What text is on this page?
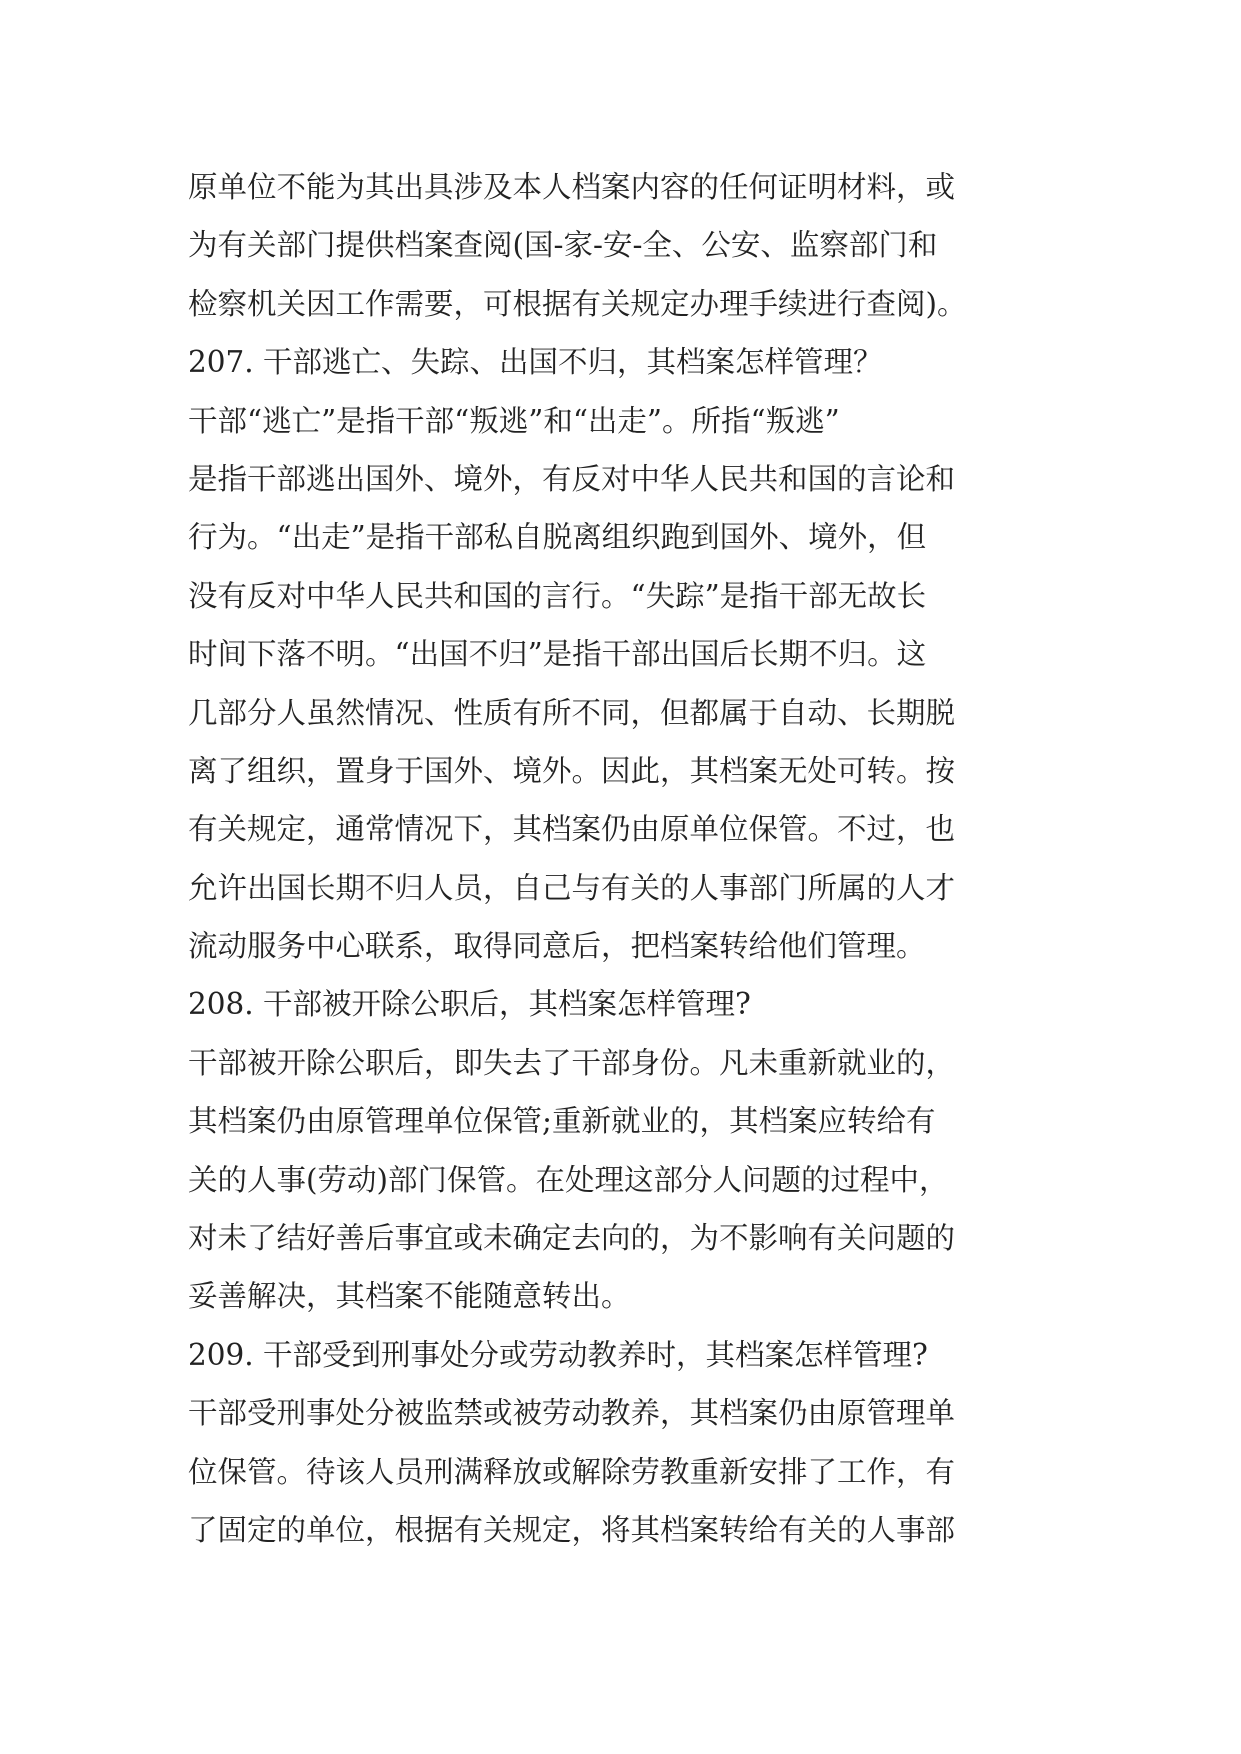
原单位不能为其出具涉及本人档案内容的任何证明材料，或
为有关部门提供档案查阅(国-家-安-全、公安、监察部门和
检察机关因工作需要，可根据有关规定办理手续进行查阅)。
207. 干部逃亡、失踪、出国不归，其档案怎样管理？
干部“逃亡”是指干部“叛逃”和“出走”。所指“叛逃”
是指干部逃出国外、境外，有反对中华人民共和国的言论和
行为。“出走”是指干部私自脱离组织跑到国外、境外，但
没有反对中华人民共和国的言行。“失踪”是指干部无故长
时间下落不明。“出国不归”是指干部出国后长期不归。这
几部分人虽然情况、性质有所不同，但都属于自动、长期脱
离了组织，置身于国外、境外。因此，其档案无处可转。按
有关规定，通常情况下，其档案仍由原单位保管。不过，也
允许出国长期不归人员，自己与有关的人事部门所属的人才
流动服务中心联系，取得同意后，把档案转给他们管理。
208. 干部被开除公职后，其档案怎样管理?
干部被开除公职后，即失去了干部身份。凡未重新就业的，
其档案仍由原管理单位保管;重新就业的，其档案应转给有
关的人事(劳动)部门保管。在处理这部分人问题的过程中，
对未了结好善后事宜或未确定去向的，为不影响有关问题的
妥善解决，其档案不能随意转出。
209. 干部受到刑事处分或劳动教养时，其档案怎样管理?
干部受刑事处分被监禁或被劳动教养，其档案仍由原管理单
位保管。待该人员刑满释放或解除劳教重新安排了工作，有
了固定的单位，根据有关规定，将其档案转给有关的人事部
